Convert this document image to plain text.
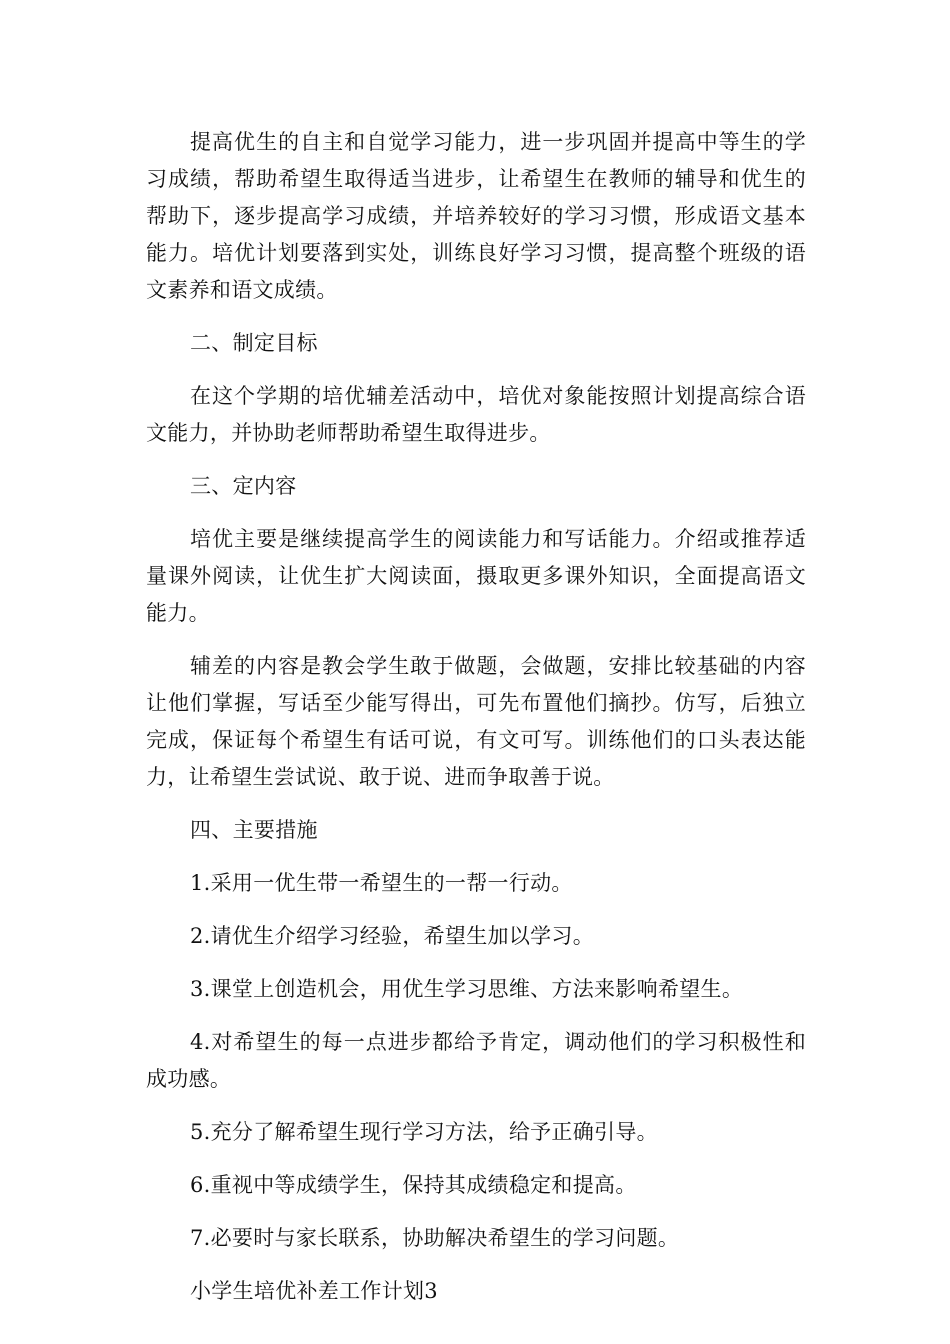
提高优生的自主和自觉学习能力，进一步巩固并提高中等生的学习成绩，帮助希望生取得适当进步，让希望生在教师的辅导和优生的帮助下，逐步提高学习成绩，并培养较好的学习习惯，形成语文基本能力。培优计划要落到实处，训练良好学习习惯，提高整个班级的语文素养和语文成绩。

二、制定目标

在这个学期的培优辅差活动中，培优对象能按照计划提高综合语文能力，并协助老师帮助希望生取得进步。

三、定内容

培优主要是继续提高学生的阅读能力和写话能力。介绍或推荐适量课外阅读，让优生扩大阅读面，摄取更多课外知识，全面提高语文能力。

辅差的内容是教会学生敢于做题，会做题，安排比较基础的内容让他们掌握，写话至少能写得出，可先布置他们摘抄。仿写，后独立完成，保证每个希望生有话可说，有文可写。训练他们的口头表达能力，让希望生尝试说、敢于说、进而争取善于说。

四、主要措施

1.采用一优生带一希望生的一帮一行动。

2.请优生介绍学习经验，希望生加以学习。

3.课堂上创造机会，用优生学习思维、方法来影响希望生。

4.对希望生的每一点进步都给予肯定，调动他们的学习积极性和成功感。

5.充分了解希望生现行学习方法，给予正确引导。

6.重视中等成绩学生，保持其成绩稳定和提高。

7.必要时与家长联系，协助解决希望生的学习问题。

小学生培优补差工作计划3
